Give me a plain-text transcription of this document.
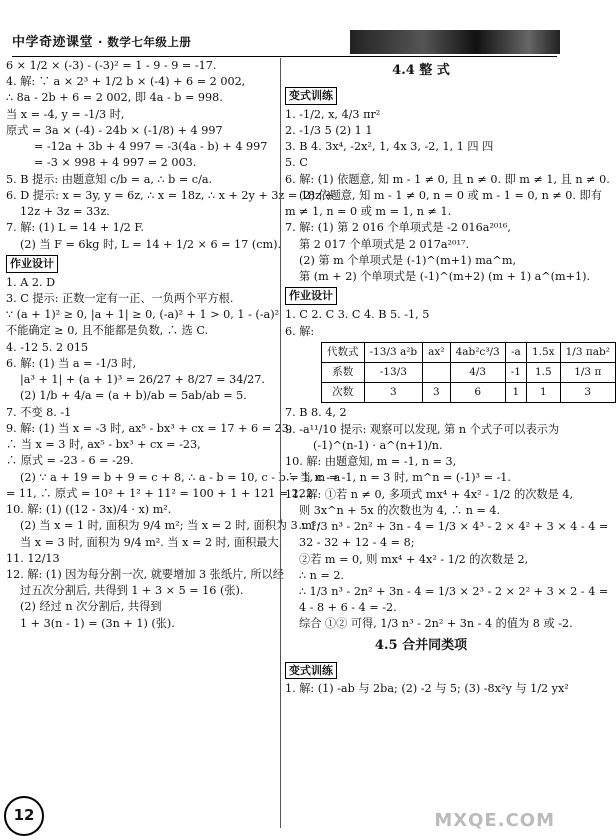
中学奇迹课堂 · 数学七年级上册
6 × 1/2 × (-3) - (-3)² = 1 - 9 - 9 = -17.
4. 解: ∵ a × 2³ + 1/2 b × (-4) + 6 = 2 002,
∴ 8a - 2b + 6 = 2 002, 即 4a - b = 998.
当 x = -4, y = -1/3 时,
原式 = 3a × (-4) - 24b × (-1/8) + 4 997
= -12a + 3b + 4 997 = -3(4a - b) + 4 997
= -3 × 998 + 4 997 = 2 003.
5. B 提示: 由题意知 c/b = a, ∴ b = c/a.
6. D 提示: x = 3y, y = 6z, ∴ x = 18z, ∴ x + 2y + 3z = 18z +
12z + 3z = 33z.
7. 解: (1) L = 14 + 1/2 F.
(2) 当 F = 6kg 时, L = 14 + 1/2 × 6 = 17 (cm).
作业设计
1. A 2. D
3. C 提示: 正数一定有一正、一负两个平方根.
∵ (a + 1)² ≥ 0, |a + 1| ≥ 0, (-a)² + 1 > 0, 1 - (-a)²
不能确定 ≥ 0, 且不能都是负数, ∴ 选 C.
4. -12 5. 2 015
6. 解: (1) 当 a = -1/3 时,
|a³ + 1| + (a + 1)³ = 26/27 + 8/27 = 34/27.
(2) 1/b + 4/a = (a + b)/ab = 5ab/ab = 5.
7. 不变 8. -1
9. 解: (1) 当 x = -3 时, ax⁵ - bx³ + cx = 17 + 6 = 23,
∴ 当 x = 3 时, ax⁵ - bx³ + cx = -23,
∴ 原式 = -23 - 6 = -29.
(2) ∵ a + 19 = b + 9 = c + 8, ∴ a - b = 10, c - b = 1, c - a
= 11, ∴ 原式 = 10² + 1² + 11² = 100 + 1 + 121 = 222.
10. 解: (1) ((12 - 3x)/4 · x) m².
(2) 当 x = 1 时, 面积为 9/4 m²; 当 x = 2 时, 面积为 3 m²;
当 x = 3 时, 面积为 9/4 m². 当 x = 2 时, 面积最大.
11. 12/13
12. 解: (1) 因为每分割一次, 就要增加 3 张纸片, 所以经
过五次分割后, 共得到 1 + 3 × 5 = 16 (张).
(2) 经过 n 次分割后, 共得到
1 + 3(n - 1) = (3n + 1) (张).
4.4 整 式
变式训练
1. -1/2, x, 4/3 πr²
2. -1/3 5 (2) 1 1
3. B 4. 3x⁴, -2x², 1, 4x 3, -2, 1, 1 四 四
5. C
6. 解: (1) 依题意, 知 m - 1 ≠ 0, 且 n ≠ 0. 即 m ≠ 1, 且 n ≠ 0.
(2) 依题意, 知 m - 1 ≠ 0, n = 0 或 m - 1 = 0, n ≠ 0. 即有
m ≠ 1, n = 0 或 m = 1, n ≠ 1.
7. 解: (1) 第 2 016 个单项式是 -2 016a²⁰¹⁶,
第 2 017 个单项式是 2 017a²⁰¹⁷.
(2) 第 m 个单项式是 (-1)^(m+1) ma^m,
第 (m + 2) 个单项式是 (-1)^(m+2) (m + 1) a^(m+1).
作业设计
1. C 2. C 3. C 4. B 5. -1, 5
6. 解:
代数式	-13/3 a²b	ax²	4ab²c³/3	-a	1.5x	1/3 πab²
系数	-13/3		4/3	-1	1.5	1/3 π
次数	3	3	6	1	1	3
7. B 8. 4, 2
9. -a¹¹/10 提示: 观察可以发现, 第 n 个式子可以表示为
(-1)^(n-1) · a^(n+1)/n.
10. 解: 由题意知, m = -1, n = 3,
∴ 当 m = -1, n = 3 时, m^n = (-1)³ = -1.
11. 解: ①若 n ≠ 0, 多项式 mx⁴ + 4x² - 1/2 的次数是 4,
则 3x^n + 5x 的次数也为 4, ∴ n = 4.
∴ 1/3 n³ - 2n² + 3n - 4 = 1/3 × 4³ - 2 × 4² + 3 × 4 - 4 =
32 - 32 + 12 - 4 = 8;
②若 m = 0, 则 mx⁴ + 4x² - 1/2 的次数是 2,
∴ n = 2.
∴ 1/3 n³ - 2n² + 3n - 4 = 1/3 × 2³ - 2 × 2² + 3 × 2 - 4 =
4 - 8 + 6 - 4 = -2.
综合 ①② 可得, 1/3 n³ - 2n² + 3n - 4 的值为 8 或 -2.
4.5 合并同类项
变式训练
1. 解: (1) -ab 与 2ba; (2) -2 与 5; (3) -8x²y 与 1/2 yx²
12	MXQE.COM
